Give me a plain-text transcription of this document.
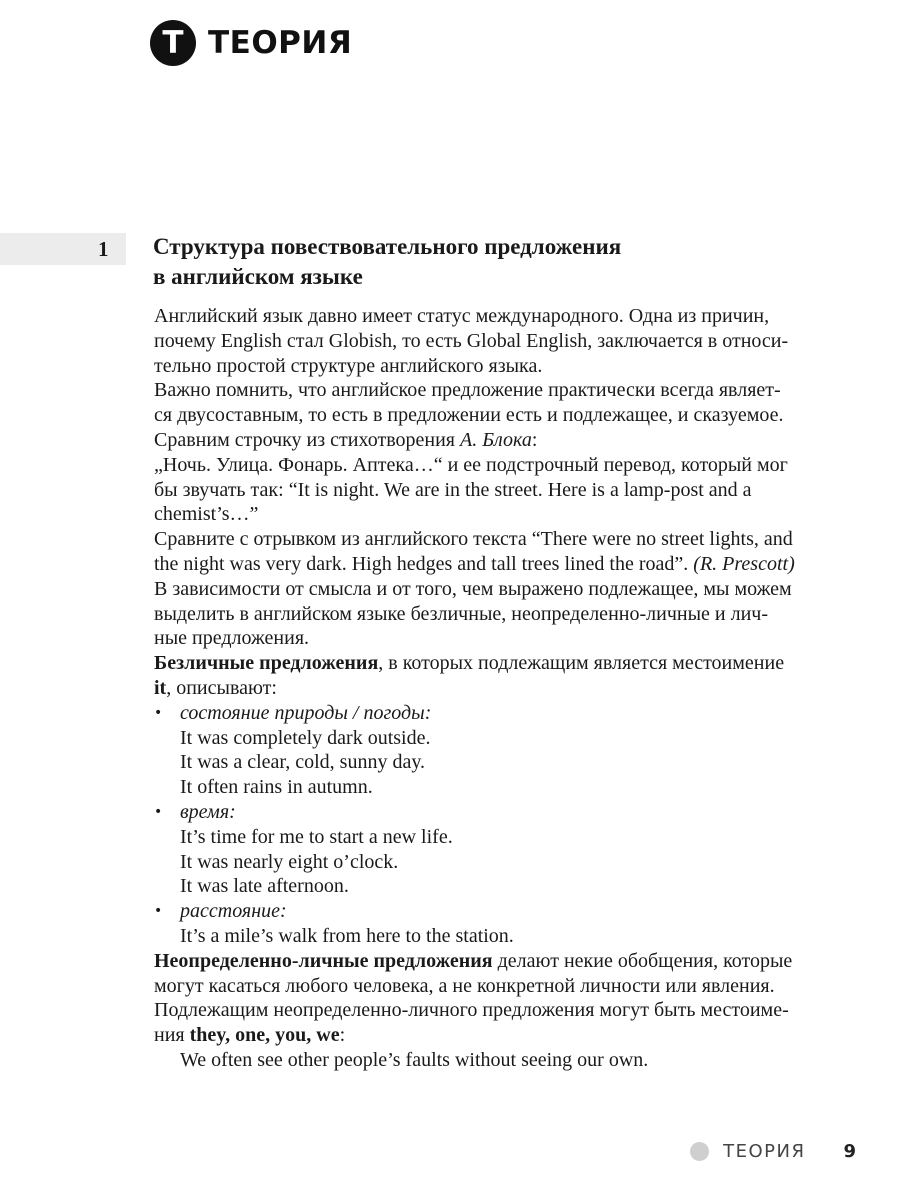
Т ТЕОРИЯ
1 Структура повествовательного предложения
в английском языке

Английский язык давно имеет статус международного. Одна из причин,
почему English стал Globish, то есть Global English, заключается в относи-
тельно простой структуре английского языка.

Важно помнить, что английское предложение практически всегда являет-
ся двусоставным, то есть в предложении есть и подлежащее, и сказуемое.

Сравним строчку из стихотворения А. Блока:

„Ночь. Улица. Фонарь. Аптека…“ и ее подстрочный перевод, который мог
бы звучать так: “It is night. We are in the street. Here is a lamp-post and a
chemist’s…”

Сравните с отрывком из английского текста “There were no street lights, and
the night was very dark. High hedges and tall trees lined the road”. (R. Prescott)

В зависимости от смысла и от того, чем выражено подлежащее, мы можем
выделить в английском языке безличные, неопределенно-личные и лич-
ные предложения.

Безличные предложения, в которых подлежащим является местоимение
it, описывают:

• состояние природы / погоды:
It was completely dark outside.
It was a clear, cold, sunny day.
It often rains in autumn.
• время:
It’s time for me to start a new life.
It was nearly eight o’clock.
It was late afternoon.
• расстояние:
It’s a mile’s walk from here to the station.

Неопределенно-личные предложения делают некие обобщения, которые
могут касаться любого человека, а не конкретной личности или явления.
Подлежащим неопределенно-личного предложения могут быть местоиме-
ния they, one, you, we:

We often see other people’s faults without seeing our own.

ТЕОРИЯ 9
